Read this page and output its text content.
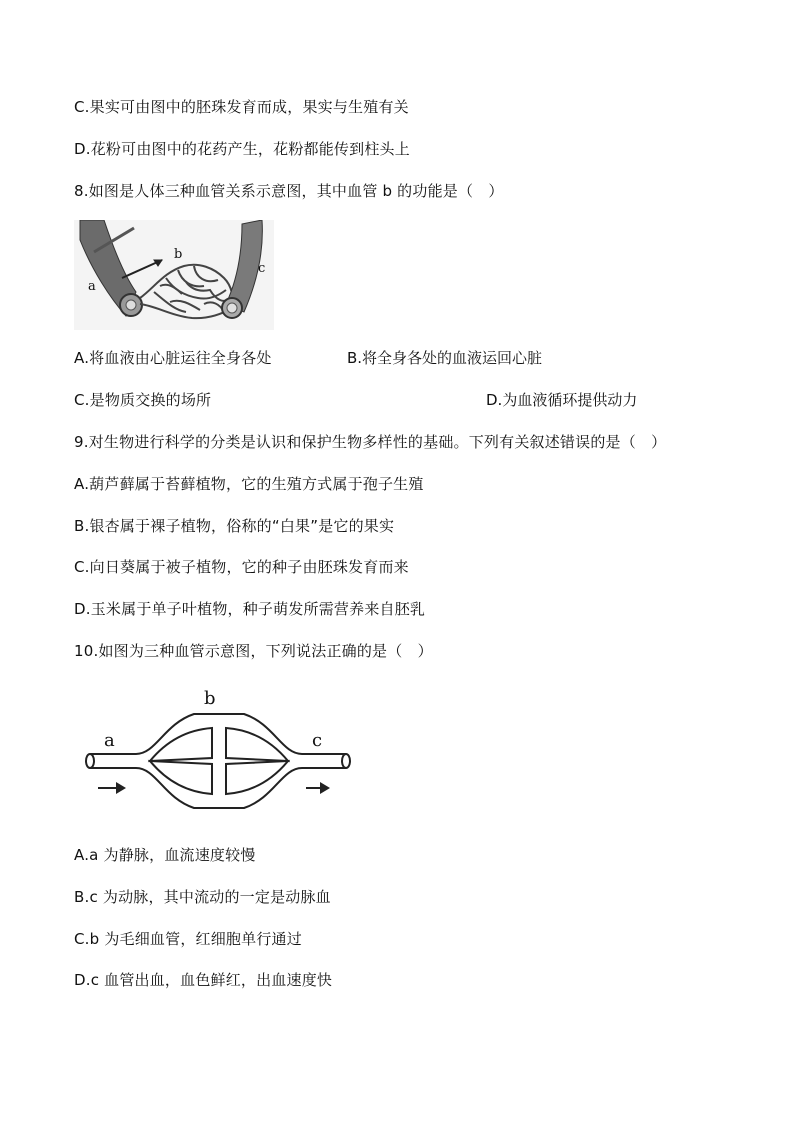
C.果实可由图中的胚珠发育而成，果实与生殖有关
D.花粉可由图中的花药产生，花粉都能传到柱头上
8.如图是人体三种血管关系示意图，其中血管 b 的功能是（　）
a
b
c
A.将血液由心脏运往全身各处	B.将全身各处的血液运回心脏
C.是物质交换的场所	D.为血液循环提供动力
9.对生物进行科学的分类是认识和保护生物多样性的基础。下列有关叙述错误的是（　）
A.葫芦藓属于苔藓植物，它的生殖方式属于孢子生殖
B.银杏属于裸子植物，俗称的“白果”是它的果实
C.向日葵属于被子植物，它的种子由胚珠发育而来
D.玉米属于单子叶植物，种子萌发所需营养来自胚乳
10.如图为三种血管示意图，下列说法正确的是（　）
a
b
c
A.a 为静脉，血流速度较慢
B.c 为动脉，其中流动的一定是动脉血
C.b 为毛细血管，红细胞单行通过
D.c 血管出血，血色鲜红，出血速度快
